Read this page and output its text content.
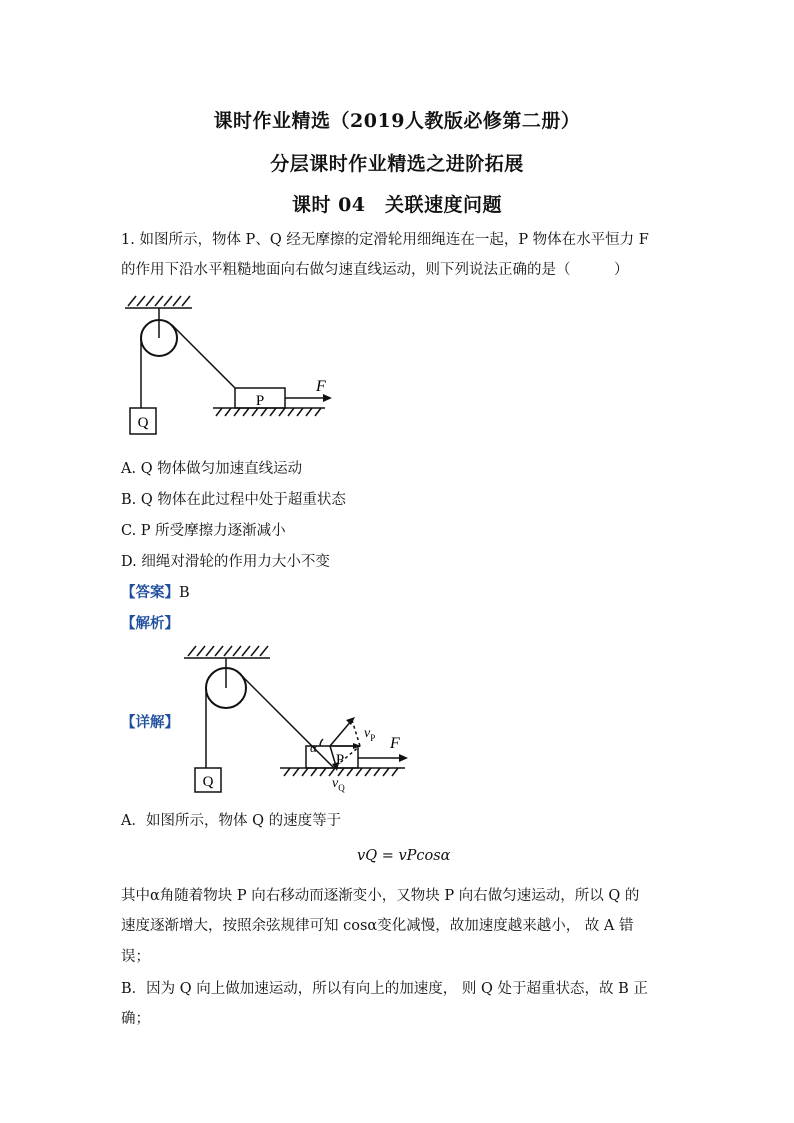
课时作业精选（2019人教版必修第二册）
分层课时作业精选之进阶拓展
课时 04　关联速度问题
1. 如图所示，物体 P、Q 经无摩擦的定滑轮用细绳连在一起，P 物体在水平恒力 F
的作用下沿水平粗糙地面向右做匀速直线运动，则下列说法正确的是（　　　）
P
Q
F
A. Q 物体做匀加速直线运动
B. Q 物体在此过程中处于超重状态
C. P 所受摩擦力逐渐减小
D. 细绳对滑轮的作用力大小不变
【答案】B
【解析】
【详解】
P
Q
F
α
$v_P$
$v_Q$
A．如图所示，物体 Q 的速度等于
vQ = vPcosα
其中α角随着物块 P 向右移动而逐渐变小，又物块 P 向右做匀速运动，所以 Q 的
速度逐渐增大，按照余弦规律可知 cosα变化减慢，故加速度越来越小， 故 A 错
误；
B．因为 Q 向上做加速运动，所以有向上的加速度， 则 Q 处于超重状态，故 B 正
确；
